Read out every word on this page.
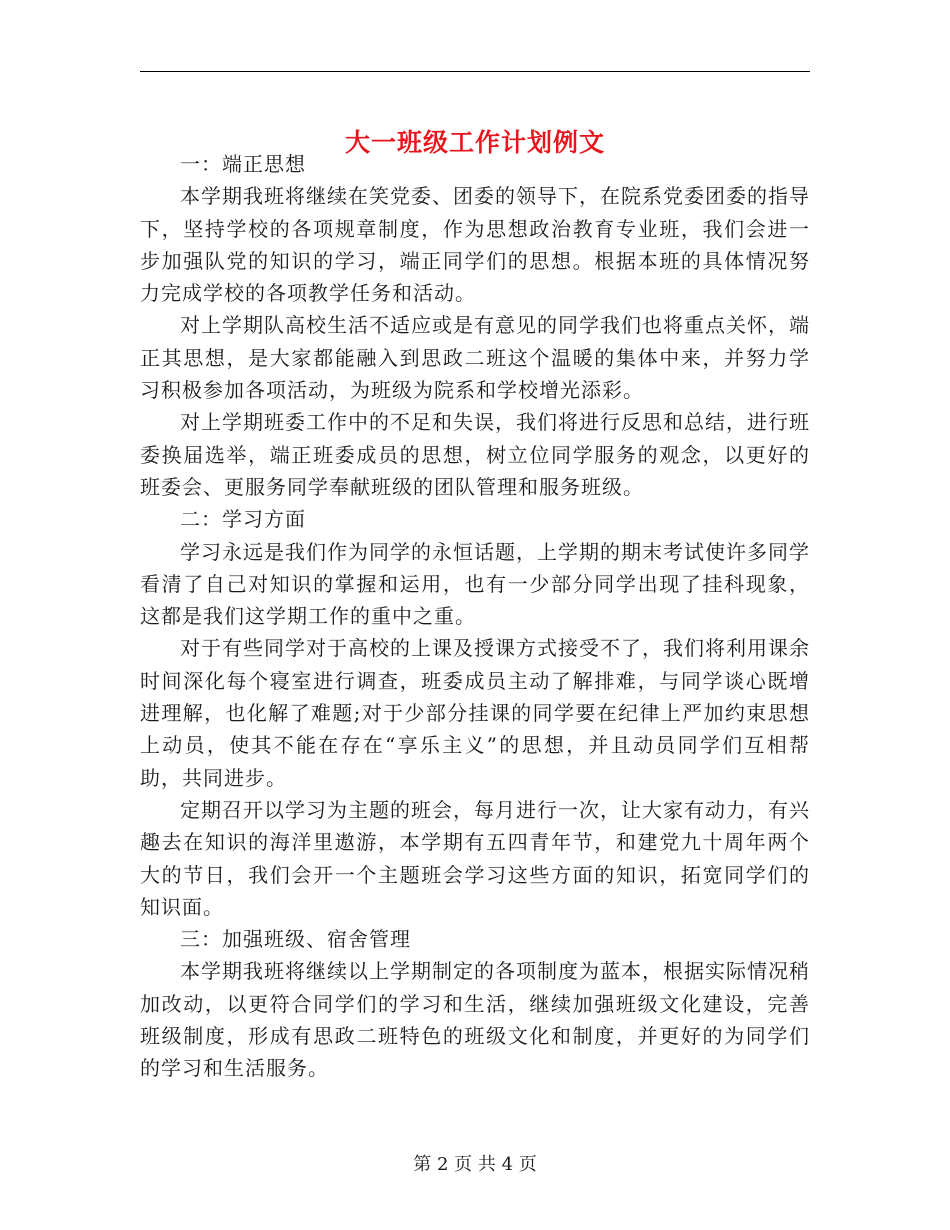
大一班级工作计划例文

一：端正思想

本学期我班将继续在笑党委、团委的领导下，在院系党委团委的指导下，坚持学校的各项规章制度，作为思想政治教育专业班，我们会进一步加强队党的知识的学习，端正同学们的思想。根据本班的具体情况努力完成学校的各项教学任务和活动。

对上学期队高校生活不适应或是有意见的同学我们也将重点关怀，端正其思想，是大家都能融入到思政二班这个温暖的集体中来，并努力学习积极参加各项活动，为班级为院系和学校增光添彩。

对上学期班委工作中的不足和失误，我们将进行反思和总结，进行班委换届选举，端正班委成员的思想，树立位同学服务的观念，以更好的班委会、更服务同学奉献班级的团队管理和服务班级。

二：学习方面

学习永远是我们作为同学的永恒话题，上学期的期末考试使许多同学看清了自己对知识的掌握和运用，也有一少部分同学出现了挂科现象，这都是我们这学期工作的重中之重。

对于有些同学对于高校的上课及授课方式接受不了，我们将利用课余时间深化每个寝室进行调查，班委成员主动了解排难，与同学谈心既增进理解，也化解了难题;对于少部分挂课的同学要在纪律上严加约束思想上动员，使其不能在存在“享乐主义”的思想，并且动员同学们互相帮助，共同进步。

定期召开以学习为主题的班会，每月进行一次，让大家有动力，有兴趣去在知识的海洋里遨游，本学期有五四青年节，和建党九十周年两个大的节日，我们会开一个主题班会学习这些方面的知识，拓宽同学们的知识面。

三：加强班级、宿舍管理

本学期我班将继续以上学期制定的各项制度为蓝本，根据实际情况稍加改动，以更符合同学们的学习和生活，继续加强班级文化建设，完善班级制度，形成有思政二班特色的班级文化和制度，并更好的为同学们的学习和生活服务。

第 2 页 共 4 页
